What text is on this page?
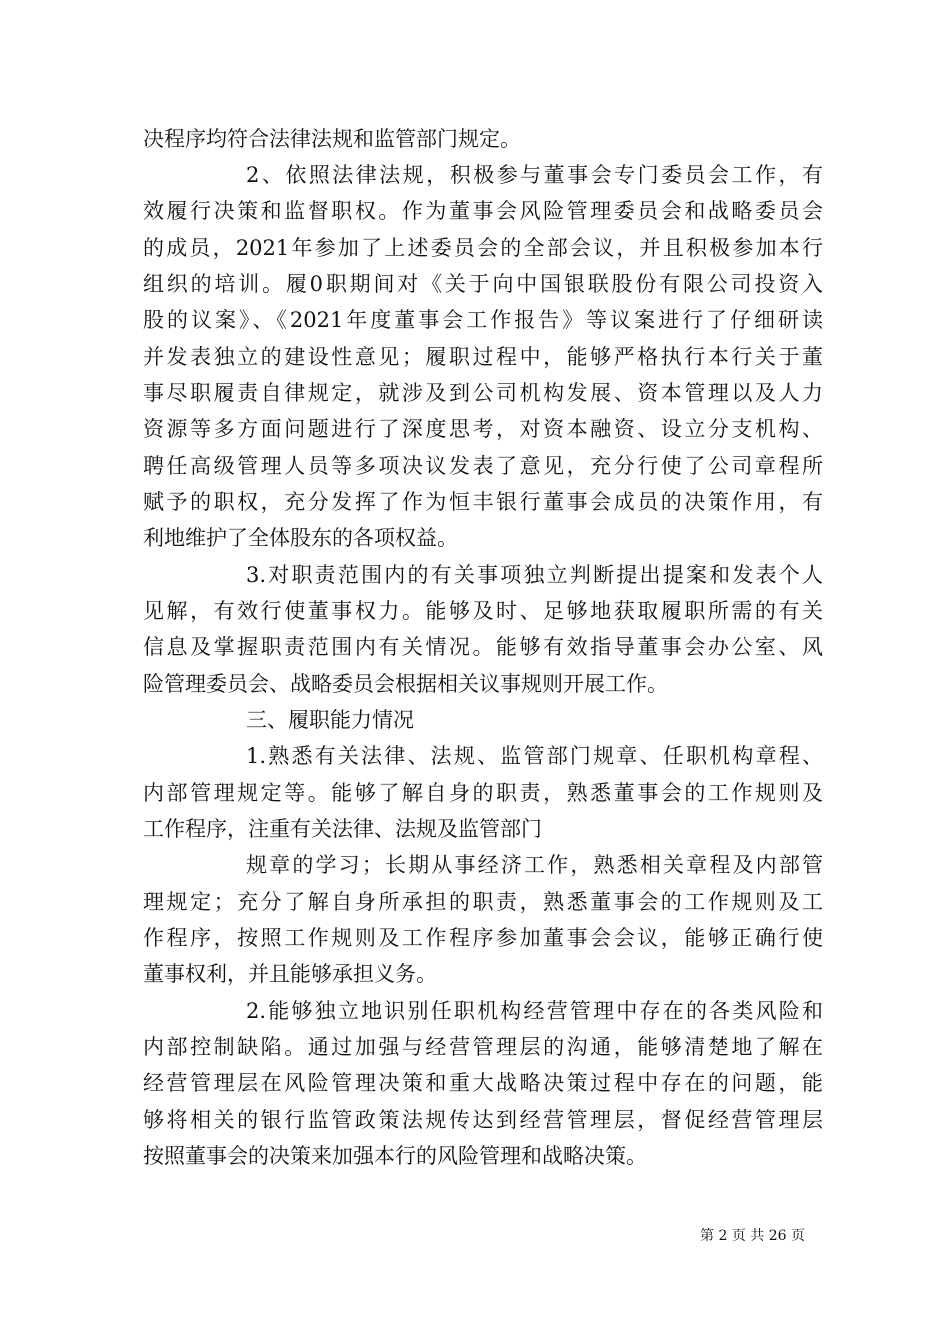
决程序均符合法律法规和监管部门规定。
2、依照法律法规，积极参与董事会专门委员会工作，有
效履行决策和监督职权。作为董事会风险管理委员会和战略委员会
的成员，2021年参加了上述委员会的全部会议，并且积极参加本行
组织的培训。履0职期间对《关于向中国银联股份有限公司投资入
股的议案》、《2021年度董事会工作报告》等议案进行了仔细研读
并发表独立的建设性意见；履职过程中，能够严格执行本行关于董
事尽职履责自律规定，就涉及到公司机构发展、资本管理以及人力
资源等多方面问题进行了深度思考，对资本融资、设立分支机构、
聘任高级管理人员等多项决议发表了意见，充分行使了公司章程所
赋予的职权，充分发挥了作为恒丰银行董事会成员的决策作用，有
利地维护了全体股东的各项权益。
3.对职责范围内的有关事项独立判断提出提案和发表个人
见解，有效行使董事权力。能够及时、足够地获取履职所需的有关
信息及掌握职责范围内有关情况。能够有效指导董事会办公室、风
险管理委员会、战略委员会根据相关议事规则开展工作。
三、履职能力情况
1.熟悉有关法律、法规、监管部门规章、任职机构章程、
内部管理规定等。能够了解自身的职责，熟悉董事会的工作规则及
工作程序，注重有关法律、法规及监管部门
规章的学习；长期从事经济工作，熟悉相关章程及内部管
理规定；充分了解自身所承担的职责，熟悉董事会的工作规则及工
作程序，按照工作规则及工作程序参加董事会会议，能够正确行使
董事权利，并且能够承担义务。
2.能够独立地识别任职机构经营管理中存在的各类风险和
内部控制缺陷。通过加强与经营管理层的沟通，能够清楚地了解在
经营管理层在风险管理决策和重大战略决策过程中存在的问题，能
够将相关的银行监管政策法规传达到经营管理层，督促经营管理层
按照董事会的决策来加强本行的风险管理和战略决策。
第 2 页 共 26 页
